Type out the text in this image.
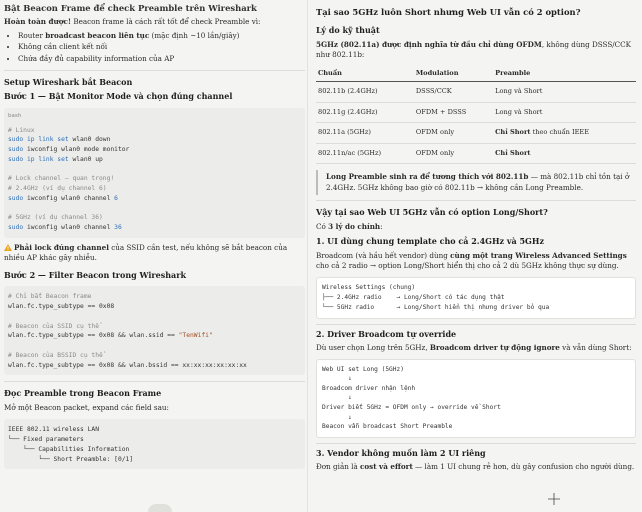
Bật Beacon Frame để check Preamble trên Wireshark

Hoàn toàn được! Beacon frame là cách rất tốt để check Preamble vì:

• Router broadcast beacon liên tục (mặc định ~10 lần/giây)
• Không cần client kết nối
• Chứa đầy đủ capability information của AP
Setup Wireshark bắt Beacon
Bước 1 — Bật Monitor Mode và chọn đúng channel
bash
# Linux
sudo ip link set wlan0 down
sudo iwconfig wlan0 mode monitor
sudo ip link set wlan0 up

# Lock channel — quan trọng!
# 2.4GHz (ví dụ channel 6)
sudo iwconfig wlan0 channel 6

# 5GHz (ví dụ channel 36)
sudo iwconfig wlan0 channel 36

Phải lock đúng channel của SSID cần test, nếu không sẽ bắt beacon của nhiều AP khác gây nhiễu.

Bước 2 — Filter Beacon trong Wireshark
# Chỉ bắt Beacon frame
wlan.fc.type_subtype == 0x08

# Beacon của SSID cụ thể
wlan.fc.type_subtype == 0x08 && wlan.ssid == "TenWifi"

# Beacon của BSSID cụ thể
wlan.fc.type_subtype == 0x08 && wlan.bssid == xx:xx:xx:xx:xx:xx
Đọc Preamble trong Beacon Frame

Mở một Beacon packet, expand các field sau:

IEEE 802.11 wireless LAN
└── Fixed parameters
└── Capabilities Information
└── Short Preamble: [0/1]
Tại sao 5GHz luôn Short nhưng Web UI vẫn có 2 option?
Lý do kỹ thuật

5GHz (802.11a) được định nghĩa từ đầu chỉ dùng OFDM, không dùng DSSS/CCK như 802.11b:

Chuẩn	Modulation	Preamble
802.11b (2.4GHz)	DSSS/CCK	Long và Short
802.11g (2.4GHz)	OFDM + DSSS	Long và Short
802.11a (5GHz)	OFDM only	Chỉ Short theo chuẩn IEEE
802.11n/ac (5GHz)	OFDM only	Chỉ Short
Long Preamble sinh ra để tương thích với 802.11b — mà 802.11b chỉ tồn tại ở 2.4GHz. 5GHz không bao giờ có 802.11b → không cần Long Preamble.
Vậy tại sao Web UI 5GHz vẫn có option Long/Short?

Có 3 lý do chính:

1. UI dùng chung template cho cả 2.4GHz và 5GHz

Broadcom (và hầu hết vendor) dùng cùng một trang Wireless Advanced Settings cho cả 2 radio → option Long/Short hiển thị cho cả 2 dù 5GHz không thực sự dùng.

Wireless Settings (chung)
├── 2.4GHz radio    → Long/Short có tác dụng thật
└── 5GHz radio      → Long/Short hiển thị nhưng driver bỏ qua
2. Driver Broadcom tự override

Dù user chọn Long trên 5GHz, Broadcom driver tự động ignore và vẫn dùng Short:

Web UI set Long (5GHz)
↓
Broadcom driver nhận lệnh
↓
Driver biết 5GHz = OFDM only → override về Short
↓
Beacon vẫn broadcast Short Preamble
3. Vendor không muốn làm 2 UI riêng

Đơn giản là cost và effort — làm 1 UI chung rẻ hơn, dù gây confusion cho người dùng.
